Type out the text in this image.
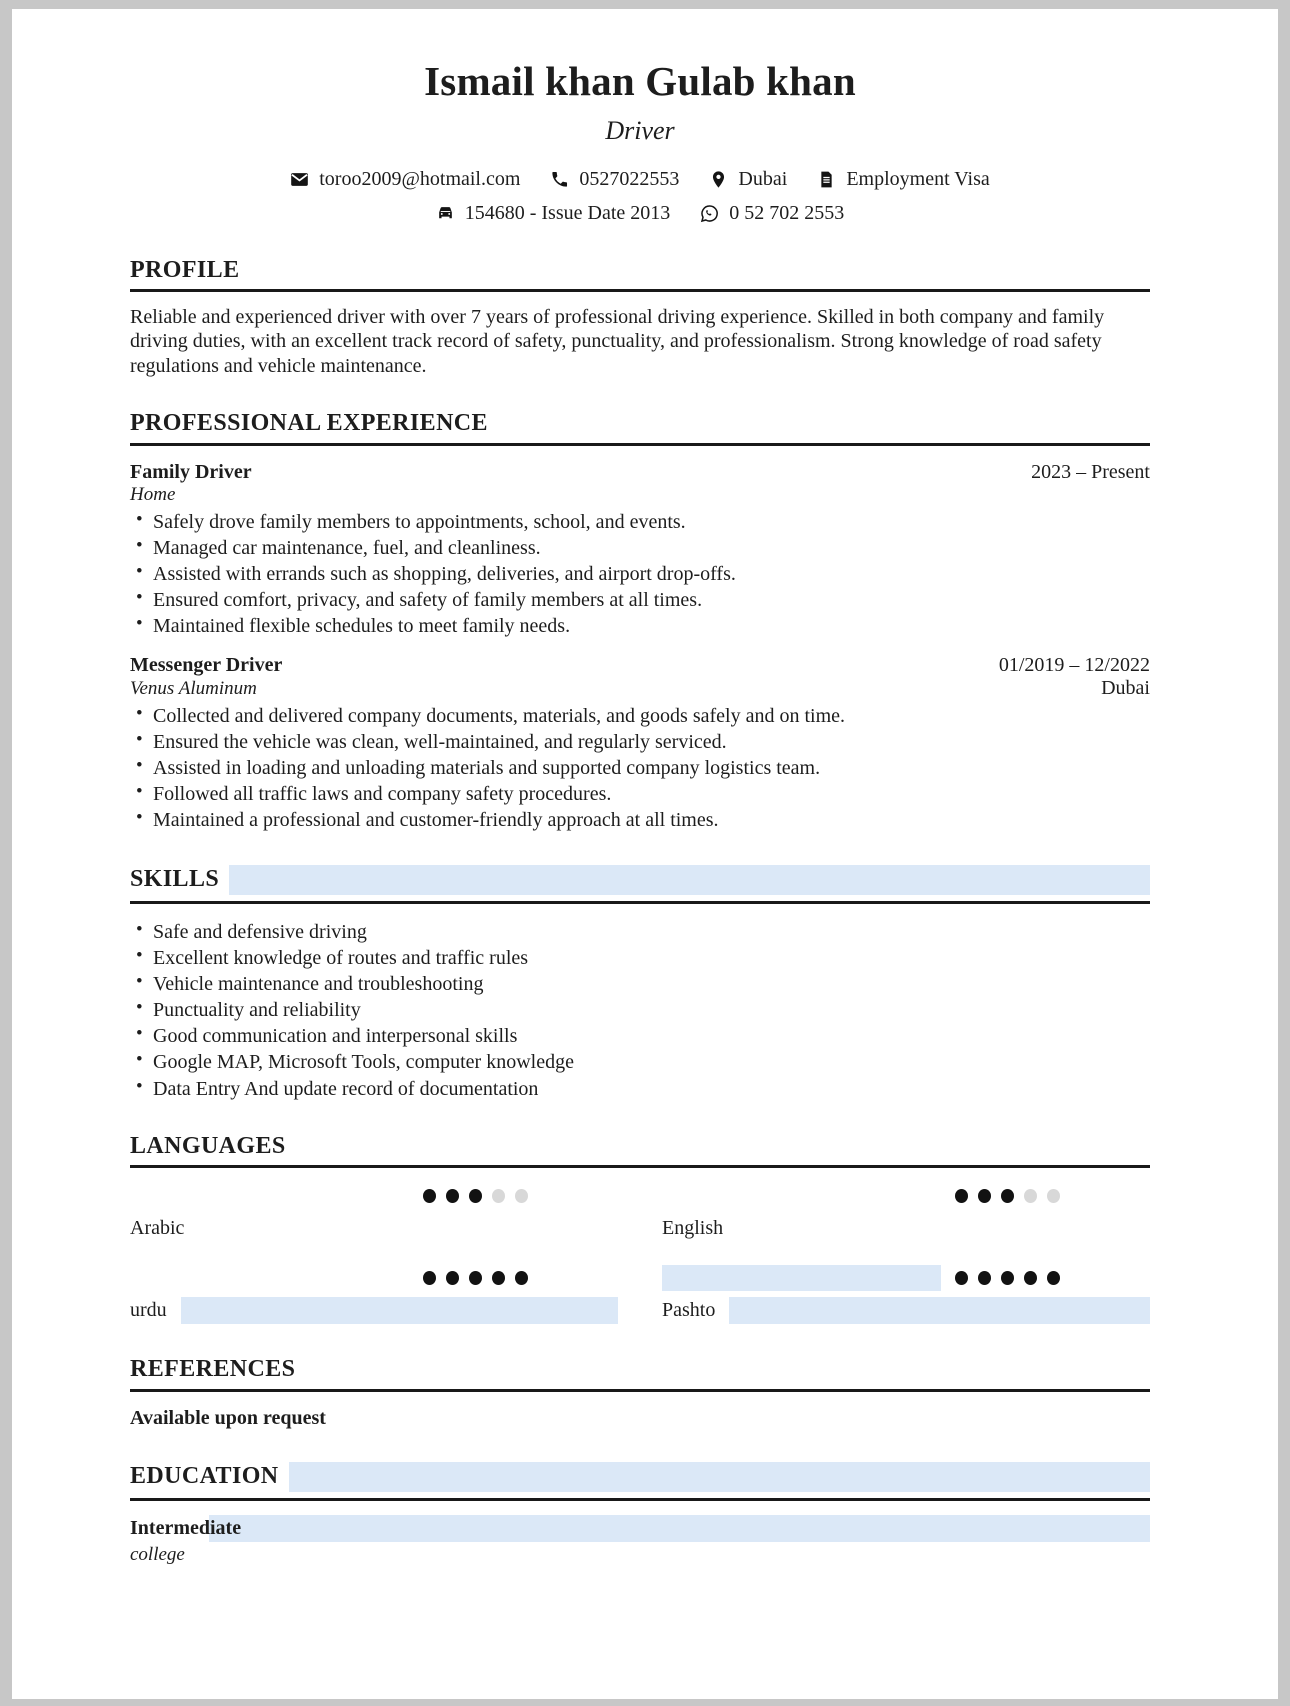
Ismail khan Gulab khan
Driver
toroo2009@hotmail.com	0527022553	Dubai	Employment Visa
154680 - Issue Date 2013	0 52 702 2553
PROFILE

Reliable and experienced driver with over 7 years of professional driving experience. Skilled in both company and family driving duties, with an excellent track record of safety, punctuality, and professionalism. Strong knowledge of road safety regulations and vehicle maintenance.

PROFESSIONAL EXPERIENCE
Family Driver	2023 – Present
Home
• Safely drove family members to appointments, school, and events.
• Managed car maintenance, fuel, and cleanliness.
• Assisted with errands such as shopping, deliveries, and airport drop-offs.
• Ensured comfort, privacy, and safety of family members at all times.
• Maintained flexible schedules to meet family needs.
Messenger Driver	01/2019 – 12/2022
Venus Aluminum	Dubai
• Collected and delivered company documents, materials, and goods safely and on time.
• Ensured the vehicle was clean, well-maintained, and regularly serviced.
• Assisted in loading and unloading materials and supported company logistics team.
• Followed all traffic laws and company safety procedures.
• Maintained a professional and customer-friendly approach at all times.
SKILLS
• Safe and defensive driving
• Excellent knowledge of routes and traffic rules
• Vehicle maintenance and troubleshooting
• Punctuality and reliability
• Good communication and interpersonal skills
• Google MAP, Microsoft Tools, computer knowledge
• Data Entry And update record of documentation
LANGUAGES
Arabic	English
urdu	Pashto
REFERENCES
Available upon request
EDUCATION
Intermediate
college
